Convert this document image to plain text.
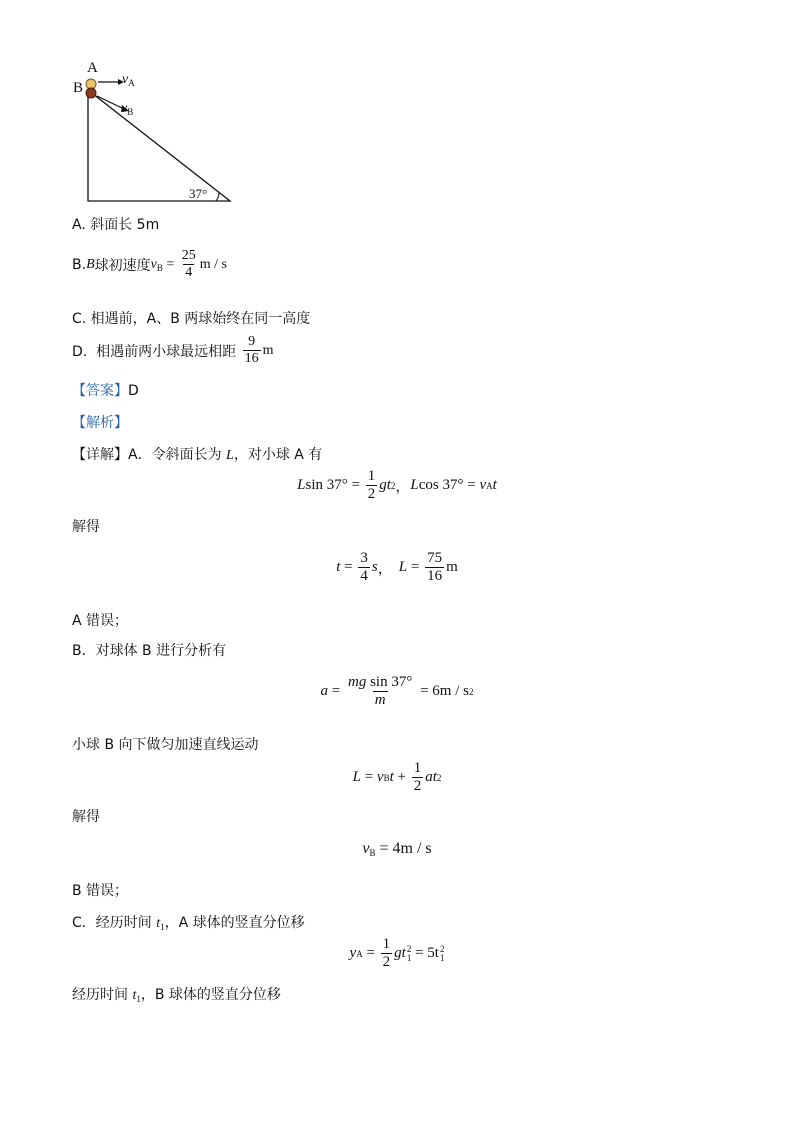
A
B
$v_A$
$v_B$
37°
A. 斜面长 5m
B. B 球初速度 $v_B = \frac{25}{4}$ m / s
C. 相遇前，A、B 两球始终在同一高度
D.  相遇前两小球最远相距 $\frac{9}{16}$ m
【答案】D
【解析】
【详解】A．令斜面长为 L，对小球 A 有
L $\sin 37^\circ = \frac{1}{2}$ gt 2 ， L cos 37° = v A t
解得
$t = \frac{3}{4}$ s ， $L = \frac{75}{16}$ m
A 错误；
B．对球体 B 进行分析有
$a = \frac{\text{mg sin 37°}}{m} = 6m / s$ 2
小球 B 向下做匀加速直线运动
L = v B $t + \frac{1}{2}$ at 2
解得
$v_B = 4m / s$
B 错误；
C．经历时间 $t_1$，A 球体的竖直分位移
y $A = \frac{1}{2}$ gt 2
1 = 5t 2
1
经历时间 $t_1$，B 球体的竖直分位移
